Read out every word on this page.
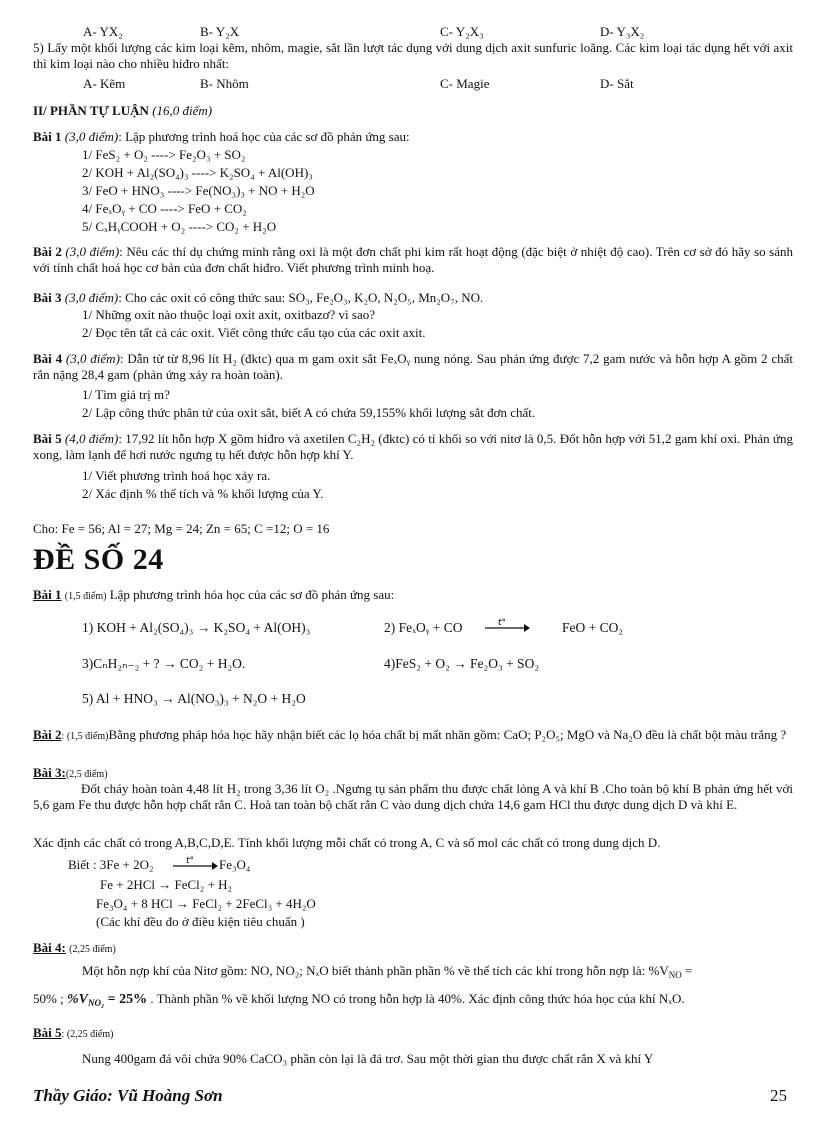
A- YX₂	B- Y₂X	C- Y₂X₃	D- Y₃X₂
5) Lấy một khối lượng các kim loại kẽm, nhôm, magie, sắt lần lượt tác dụng với dung dịch axit sunfuric loãng. Các kim loại tác dụng hết với axit thì kim loại nào cho nhiều hiđro nhất:
A- Kẽm	B- Nhôm	C- Magie	D- Sắt
II/ PHẦN TỰ LUẬN (16,0 điểm)
Bài 1 (3,0 điểm): Lập phương trình hoá học của các sơ đồ phản ứng sau:
1/ FeS₂ + O₂ ----> Fe₂O₃ + SO₂
2/ KOH + Al₂(SO₄)₃ ----> K₂SO₄ + Al(OH)₃
3/ FeO + HNO₃ ----> Fe(NO₃)₃ + NO + H₂O
4/ FeₓOᵧ + CO ----> FeO + CO₂
5/ CₓHᵧCOOH + O₂ ----> CO₂ + H₂O
Bài 2 (3,0 điểm): Nêu các thí dụ chứng minh rằng oxi là một đơn chất phi kim rất hoạt động (đặc biệt ở nhiệt độ cao). Trên cơ sở đó hãy so sánh với tính chất hoá học cơ bản của đơn chất hiđro. Viết phương trình minh hoạ.
Bài 3 (3,0 điểm): Cho các oxit có công thức sau: SO₃, Fe₂O₃, K₂O, N₂O₅, Mn₂O₇, NO.
1/ Những oxit nào thuộc loại oxit axit, oxitbazơ? vì sao?
2/ Đọc tên tất cả các oxit. Viết công thức cấu tạo của các oxit axit.
Bài 4 (3,0 điểm): Dẫn từ từ 8,96 lít H₂ (đktc) qua m gam oxit sắt FeₓOᵧ nung nóng. Sau phản ứng được 7,2 gam nước và hỗn hợp A gồm 2 chất rắn nặng 28,4 gam (phản ứng xảy ra hoàn toàn).
1/ Tìm giá trị m?
2/ Lập công thức phân tử của oxit sắt, biết A có chứa 59,155% khối lượng sắt đơn chất.
Bài 5 (4,0 điểm): 17,92 lít hỗn hợp X gồm hiđro và axetilen C₂H₂ (đktc) có tỉ khối so với nitơ là 0,5. Đốt hỗn hợp với 51,2 gam khí oxi. Phản ứng xong, làm lạnh để hơi nước ngưng tụ hết được hỗn hợp khí Y.
1/ Viết phương trình hoá học xảy ra.
2/ Xác định % thể tích và % khối lượng của Y.
Cho: Fe = 56; Al = 27; Mg = 24; Zn = 65; C =12; O = 16
ĐỀ SỐ 24
Bài 1 (1,5 điểm) Lập phương trình hóa học của các sơ đồ phản ứng sau:
1) KOH + Al₂(SO₄)₃ → K₂SO₄ + Al(OH)₃	2) FeₓOᵧ + CO	t°	FeO + CO₂
3)CₙH₂ₙ₋₂ + ? → CO₂ + H₂O.	4)FeS₂ + O₂ → Fe₂O₃ + SO₂
5) Al + HNO₃ → Al(NO₃)₃ + N₂O + H₂O
Bài 2: (1,5 điểm)Bằng phương pháp hóa học hãy nhận biết các lọ hóa chất bị mất nhãn gồm: CaO; P₂O₅; MgO và Na₂O đều là chất bột màu trắng ?
Bài 3:(2,5 điểm)
Đốt cháy hoàn toàn 4,48 lít H₂ trong 3,36 lít O₂ .Ngưng tụ sản phẩm thu được chất lỏng A và khí B .Cho toàn bộ khí B phản ứng hết với 5,6 gam Fe thu được hỗn hợp chất rắn C. Hoà tan toàn bộ chất rắn C vào dung dịch chứa 14,6 gam HCl thu được dung dịch D và khí E.
Xác định các chất có trong A,B,C,D,E. Tính khối lượng mỗi chất có trong A, C và số mol các chất có trong dung dịch D.
Biết : 3Fe + 2O₂	t° Fe₃O₄
Fe + 2HCl → FeCl₂ + H₂
Fe₃O₄ + 8 HCl → FeCl₂ + 2FeCl₃ + 4H₂O
(Các khí đều đo ở điều kiện tiêu chuẩn )
Bài 4: (2,25 điểm)
Một hỗn nợp khí của Nitơ gồm: NO, NO₂; NₓO biết thành phần phần % về thể tích các khí trong hỗn nợp là: $\%V_{NO}$ =
50% ; $\%V_{NO_2} = 25\%$ . Thành phần % về khối lượng NO có trong hỗn hợp là 40%. Xác định công thức hóa học của khí NₓO.
Bài 5: (2,25 điểm)
Nung 400gam đá vôi chứa 90% CaCO₃ phần còn lại là đá trơ. Sau một thời gian thu được chất rắn X và khí Y
Thầy Giáo: Vũ Hoàng Sơn	25
